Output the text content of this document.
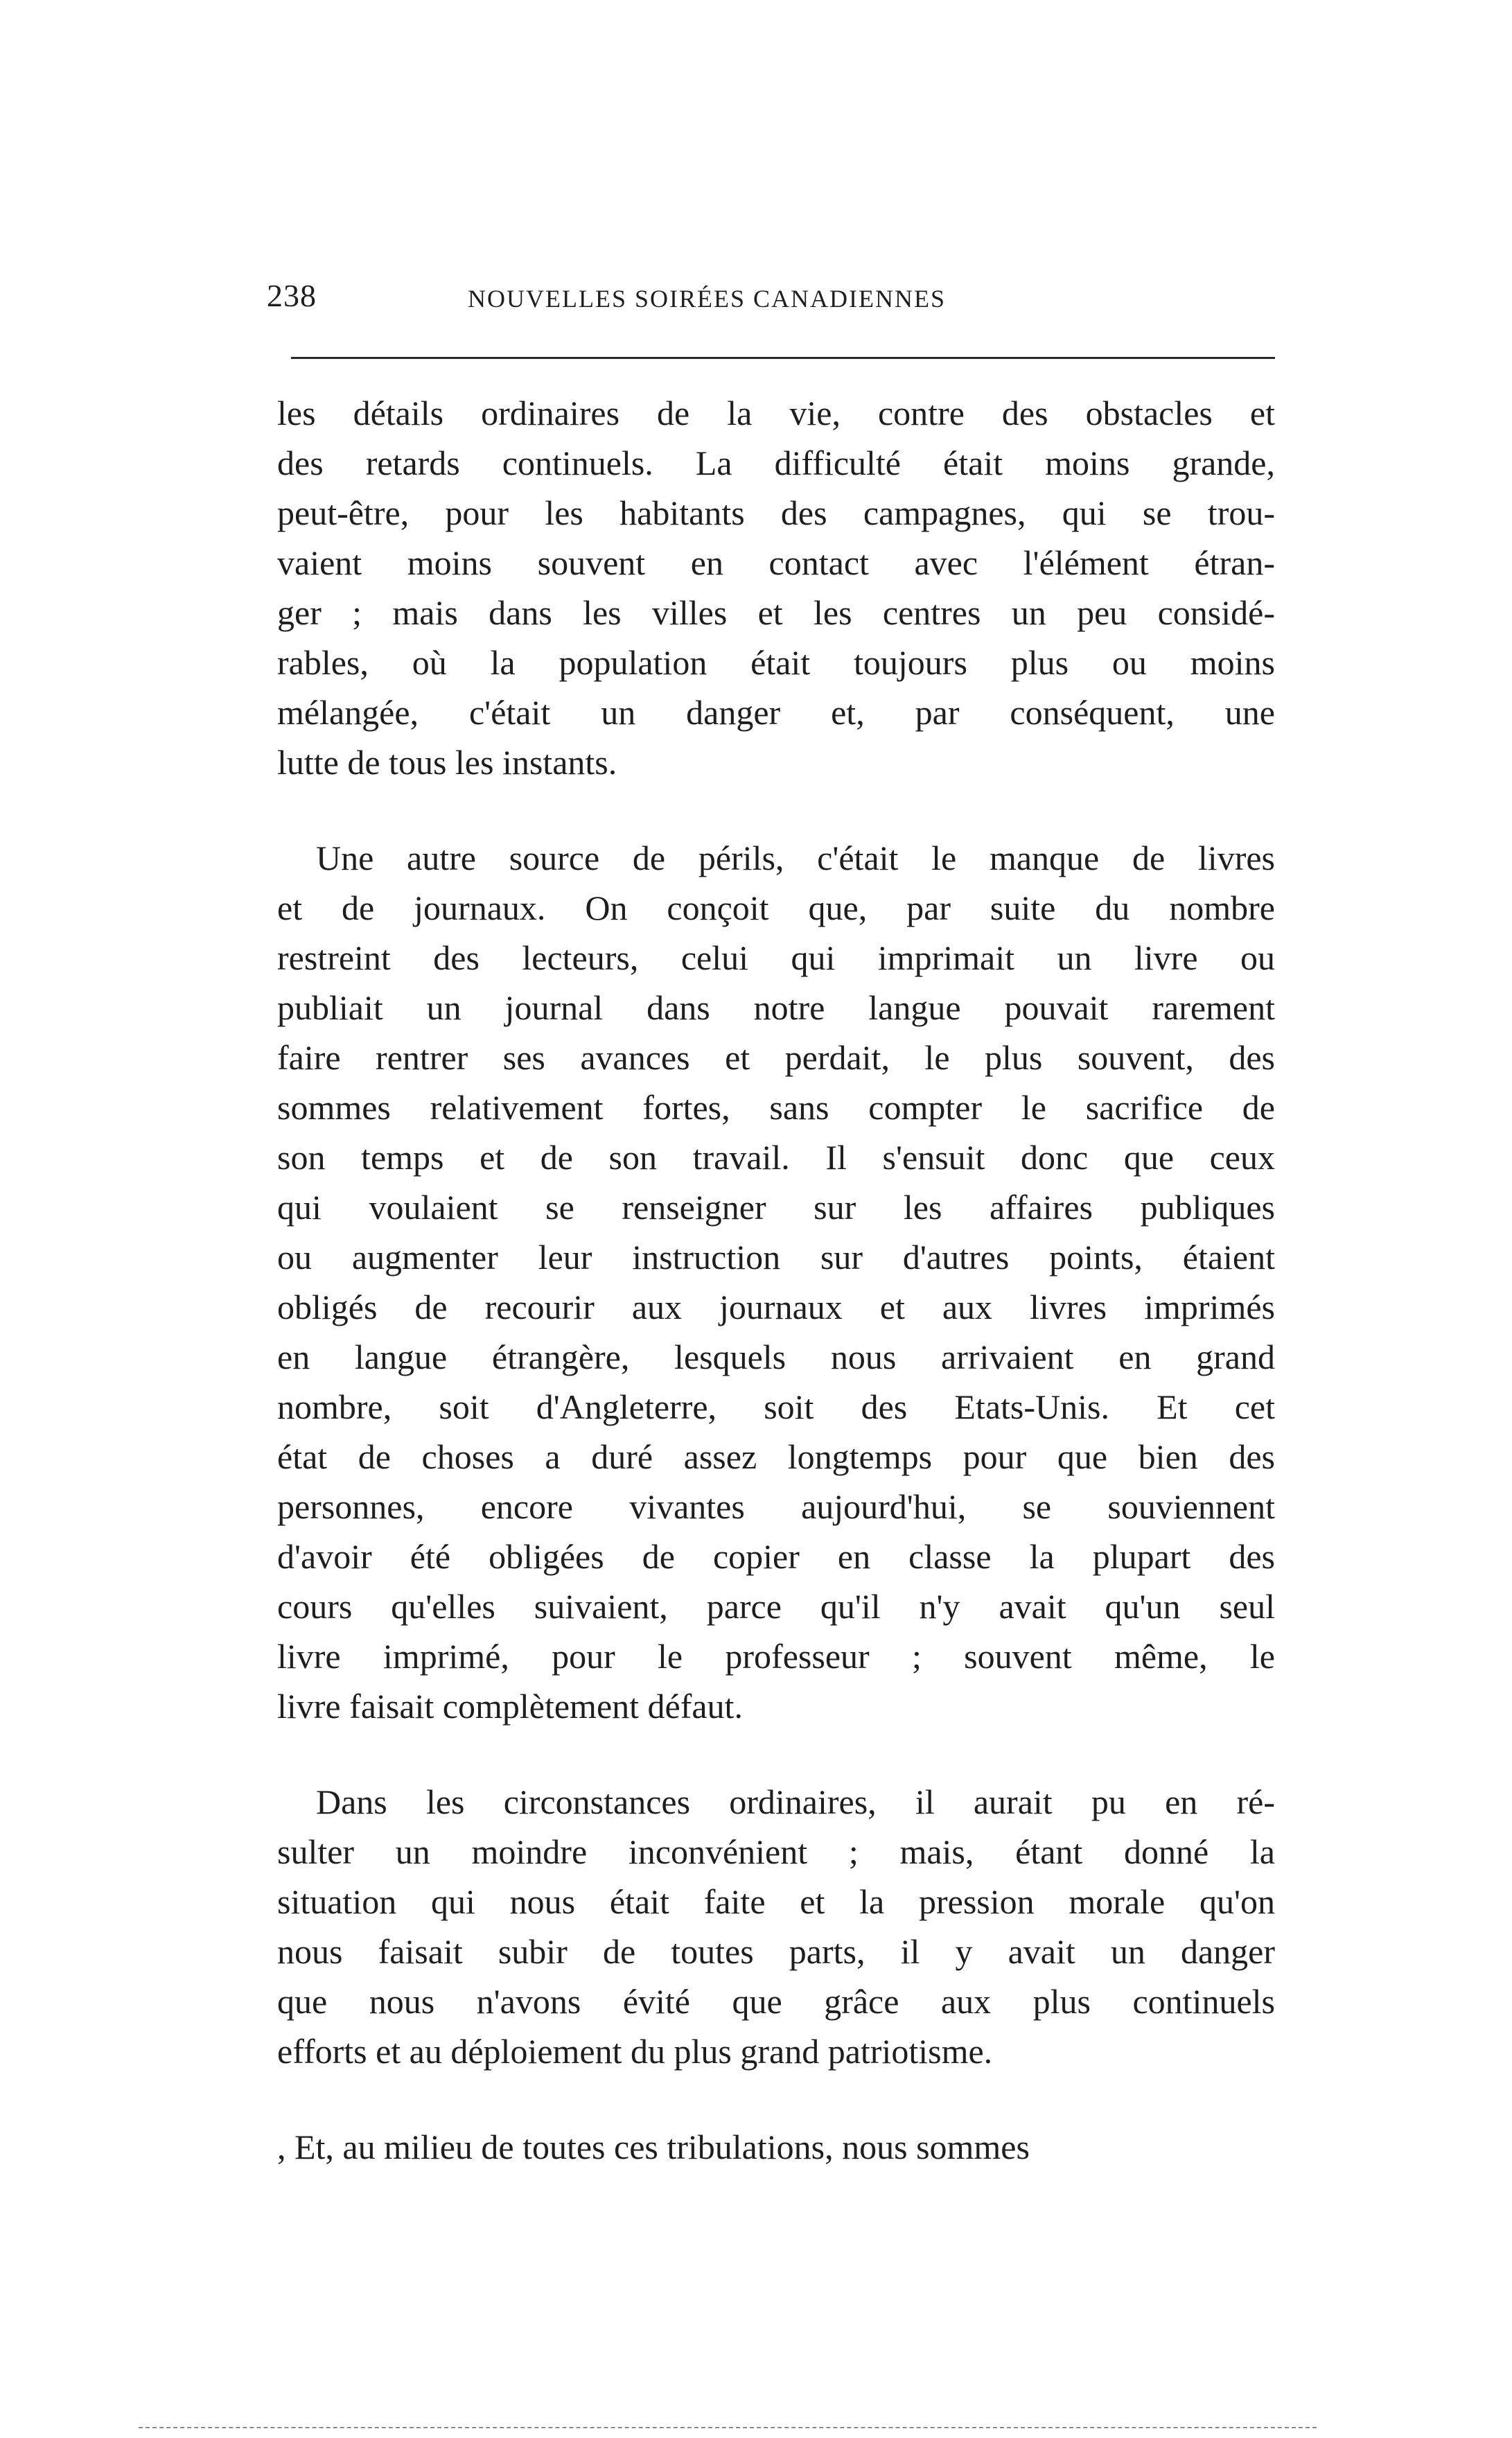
238	NOUVELLES SOIRÉES CANADIENNES
les détails ordinaires de la vie, contre des obstacles et
des retards continuels. La difficulté était moins grande,
peut-être, pour les habitants des campagnes, qui se trou-
vaient moins souvent en contact avec l'élément étran-
ger ; mais dans les villes et les centres un peu considé-
rables, où la population était toujours plus ou moins
mélangée, c'était un danger et, par conséquent, une
lutte de tous les instants.
Une autre source de périls, c'était le manque de livres
et de journaux. On conçoit que, par suite du nombre
restreint des lecteurs, celui qui imprimait un livre ou
publiait un journal dans notre langue pouvait rarement
faire rentrer ses avances et perdait, le plus souvent, des
sommes relativement fortes, sans compter le sacrifice de
son temps et de son travail. Il s'ensuit donc que ceux
qui voulaient se renseigner sur les affaires publiques
ou augmenter leur instruction sur d'autres points, étaient
obligés de recourir aux journaux et aux livres imprimés
en langue étrangère, lesquels nous arrivaient en grand
nombre, soit d'Angleterre, soit des Etats-Unis. Et cet
état de choses a duré assez longtemps pour que bien des
personnes, encore vivantes aujourd'hui, se souviennent
d'avoir été obligées de copier en classe la plupart des
cours qu'elles suivaient, parce qu'il n'y avait qu'un seul
livre imprimé, pour le professeur ; souvent même, le
livre faisait complètement défaut.
Dans les circonstances ordinaires, il aurait pu en ré-
sulter un moindre inconvénient ; mais, étant donné la
situation qui nous était faite et la pression morale qu'on
nous faisait subir de toutes parts, il y avait un danger
que nous n'avons évité que grâce aux plus continuels
efforts et au déploiement du plus grand patriotisme.
, Et, au milieu de toutes ces tribulations, nous sommes
